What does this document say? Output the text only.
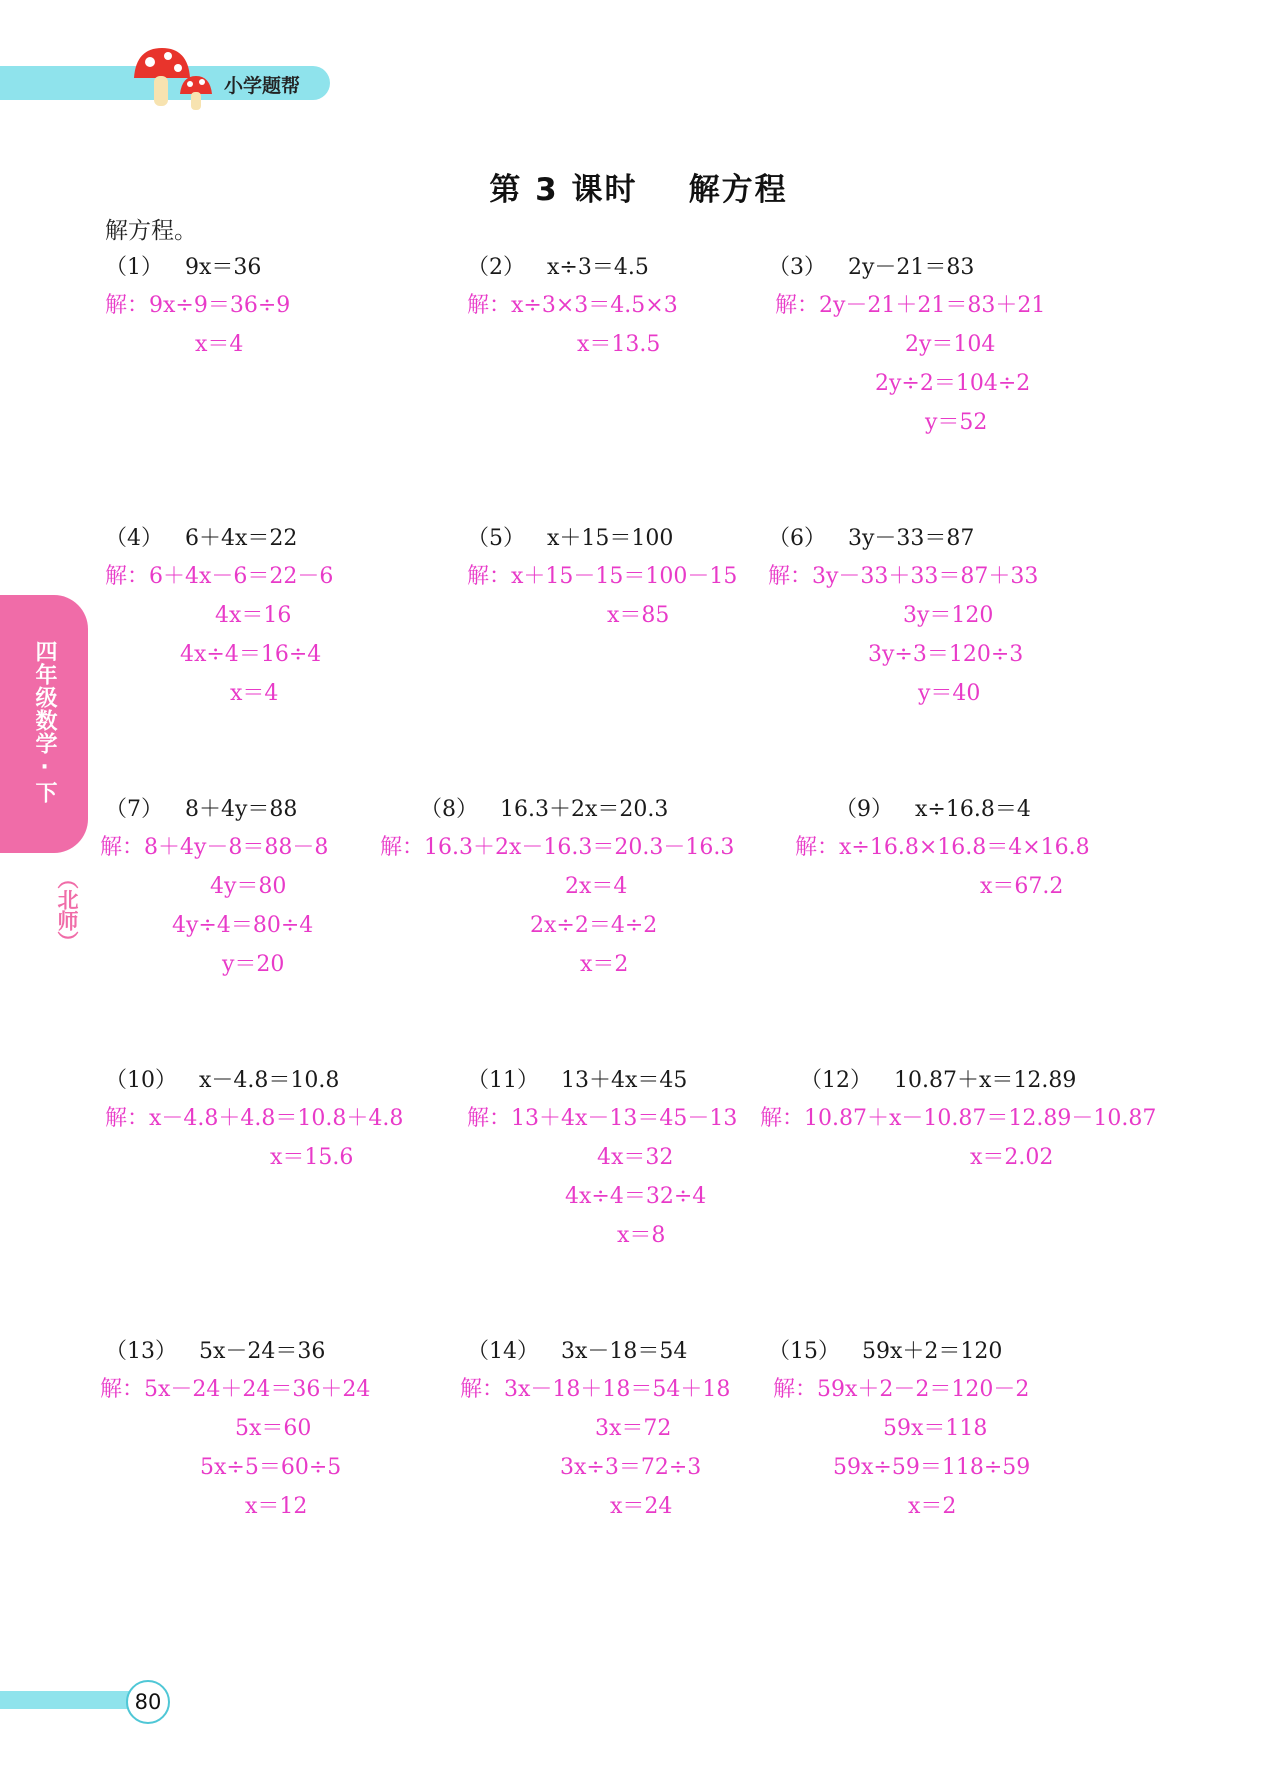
小学题帮
四年级数学·下
（北师）
第 3 课时    解方程
解方程。
（1） 9x＝36
解：9x÷9＝36÷9
x＝4
（2） x÷3＝4.5
解：x÷3×3＝4.5×3
x＝13.5
（3） 2y－21＝83
解：2y－21＋21＝83＋21
2y＝104
2y÷2＝104÷2
y＝52
（4） 6＋4x＝22
解：6＋4x－6＝22－6
4x＝16
4x÷4＝16÷4
x＝4
（5） x＋15＝100
解：x＋15－15＝100－15
x＝85
（6） 3y－33＝87
解：3y－33＋33＝87＋33
3y＝120
3y÷3＝120÷3
y＝40
（7） 8＋4y＝88
解：8＋4y－8＝88－8
4y＝80
4y÷4＝80÷4
y＝20
（8） 16.3＋2x＝20.3
解：16.3＋2x－16.3＝20.3－16.3
2x＝4
2x÷2＝4÷2
x＝2
（9） x÷16.8＝4
解：x÷16.8×16.8＝4×16.8
x＝67.2
（10） x－4.8＝10.8
解：x－4.8＋4.8＝10.8＋4.8
x＝15.6
（11） 13＋4x＝45
解：13＋4x－13＝45－13
4x＝32
4x÷4＝32÷4
x＝8
（12） 10.87＋x＝12.89
解：10.87＋x－10.87＝12.89－10.87
x＝2.02
（13） 5x－24＝36
解：5x－24＋24＝36＋24
5x＝60
5x÷5＝60÷5
x＝12
（14） 3x－18＝54
解：3x－18＋18＝54＋18
3x＝72
3x÷3＝72÷3
x＝24
（15） 59x＋2＝120
解：59x＋2－2＝120－2
59x＝118
59x÷59＝118÷59
x＝2
80
